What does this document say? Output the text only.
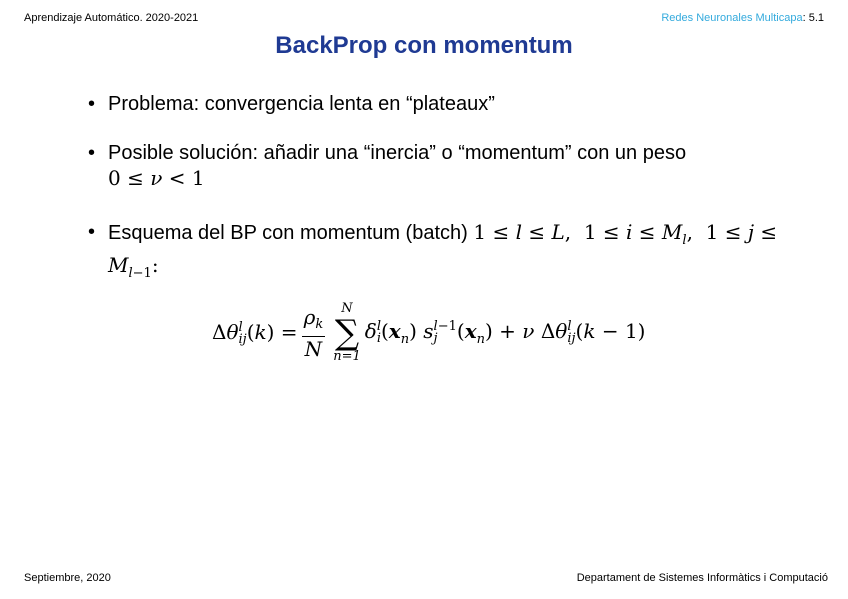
Aprendizaje Automático. 2020-2021	Redes Neuronales Multicapa: 5.1
BackProp con momentum
• Problema: convergencia lenta en “plateaux”
• Posible solución: añadir una “inercia” o “momentum” con un peso
0 ≤ ν < 1
• Esquema del BP con momentum (batch) 1 ≤ l ≤ L,  $1 \le i \le M_l$,  1 ≤ j ≤
$M_{l-1}$:
Δθ l
ij $(k) = \frac{\rho_k}{N}$ N
∑
n=1
δ l
i $(x_n)$ s l−1
j $(x_n) + \nu$ Δθ l
ij (k − 1)
Septiembre, 2020	Departament de Sistemes Informàtics i Computació
